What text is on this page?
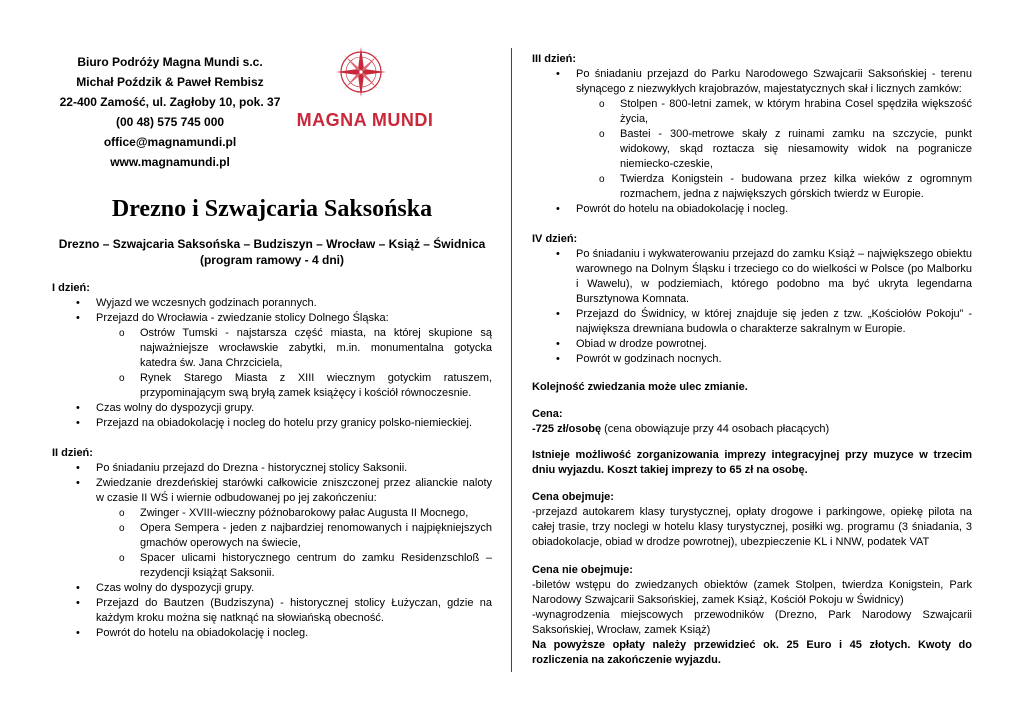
Biuro Podróży Magna Mundi s.c.
Michał Poździk & Paweł Rembisz
22-400 Zamość, ul. Zagłoby 10, pok. 37
(00 48) 575 745 000
office@magnamundi.pl
www.magnamundi.pl
MAGNA MUNDI
Drezno i Szwajcaria Saksońska
Drezno – Szwajcaria Saksońska – Budziszyn – Wrocław – Książ – Świdnica
(program ramowy - 4 dni)

I dzień:

• Wyjazd we wczesnych godzinach porannych.
• Przejazd do Wrocławia - zwiedzanie stolicy Dolnego Śląska:
o Ostrów Tumski - najstarsza część miasta, na której skupione są najważniejsze wrocławskie zabytki, m.in. monumentalna gotycka katedra św. Jana Chrzciciela,
o Rynek Starego Miasta z XIII wiecznym gotyckim ratuszem, przypominającym swą bryłą zamek książęcy i kościół równoczesnie.
• Czas wolny do dyspozycji grupy.
• Przejazd na obiadokolację i nocleg do hotelu przy granicy polsko-niemieckiej.

II dzień:

• Po śniadaniu przejazd do Drezna - historycznej stolicy Saksonii.
• Zwiedzanie drezdeńskiej starówki całkowicie zniszczonej przez alianckie naloty w czasie II WŚ i wiernie odbudowanej po jej zakończeniu:
o Zwinger - XVIII-wieczny późnobarokowy pałac Augusta II Mocnego,
o Opera Sempera - jeden z najbardziej renomowanych i najpiękniejszych gmachów operowych na świecie,
o Spacer ulicami historycznego centrum do zamku Residenzschloß – rezydencji książąt Saksonii.
• Czas wolny do dyspozycji grupy.
• Przejazd do Bautzen (Budziszyna) - historycznej stolicy Łużyczan, gdzie na każdym kroku można się natknąć na słowiańską obecność.
• Powrót do hotelu na obiadokolację i nocleg.

III dzień:

• Po śniadaniu przejazd do Parku Narodowego Szwajcarii Saksońskiej - terenu słynącego z niezwykłych krajobrazów, majestatycznych skał i licznych zamków:
o Stolpen - 800-letni zamek, w którym hrabina Cosel spędziła większość życia,
o Bastei - 300-metrowe skały z ruinami zamku na szczycie, punkt widokowy, skąd roztacza się niesamowity widok na pogranicze niemiecko-czeskie,
o Twierdza Konigstein - budowana przez kilka wieków z ogromnym rozmachem, jedna z największych górskich twierdz w Europie.
• Powrót do hotelu na obiadokolację i nocleg.

IV dzień:

• Po śniadaniu i wykwaterowaniu przejazd do zamku Książ – największego obiektu warownego na Dolnym Śląsku i trzeciego co do wielkości w Polsce (po Malborku i Wawelu), w podziemiach, którego podobno ma być ukryta legendarna Bursztynowa Komnata.
• Przejazd do Świdnicy, w której znajduje się jeden z tzw. „Kościołów Pokoju” - największa drewniana budowla o charakterze sakralnym w Europie.
• Obiad w drodze powrotnej.
• Powrót w godzinach nocnych.

Kolejność zwiedzania może ulec zmianie.

Cena:

-725 zł/osobę (cena obowiązuje przy 44 osobach płacących)

Istnieje możliwość zorganizowania imprezy integracyjnej przy muzyce w trzecim dniu wyjazdu. Koszt takiej imprezy to 65 zł na osobę.

Cena obejmuje:

-przejazd autokarem klasy turystycznej, opłaty drogowe i parkingowe, opiekę pilota na całej trasie, trzy noclegi w hotelu klasy turystycznej, posiłki wg. programu (3 śniadania, 3 obiadokolacje, obiad w drodze powrotnej), ubezpieczenie KL i NNW, podatek VAT

Cena nie obejmuje:

-biletów wstępu do zwiedzanych obiektów (zamek Stolpen, twierdza Konigstein, Park Narodowy Szwajcarii Saksońskiej, zamek Książ, Kościół Pokoju w Świdnicy)

-wynagrodzenia miejscowych przewodników (Drezno, Park Narodowy Szwajcarii Saksońskiej, Wrocław, zamek Książ)

Na powyższe opłaty należy przewidzieć ok. 25 Euro i 45 złotych. Kwoty do rozliczenia na zakończenie wyjazdu.
